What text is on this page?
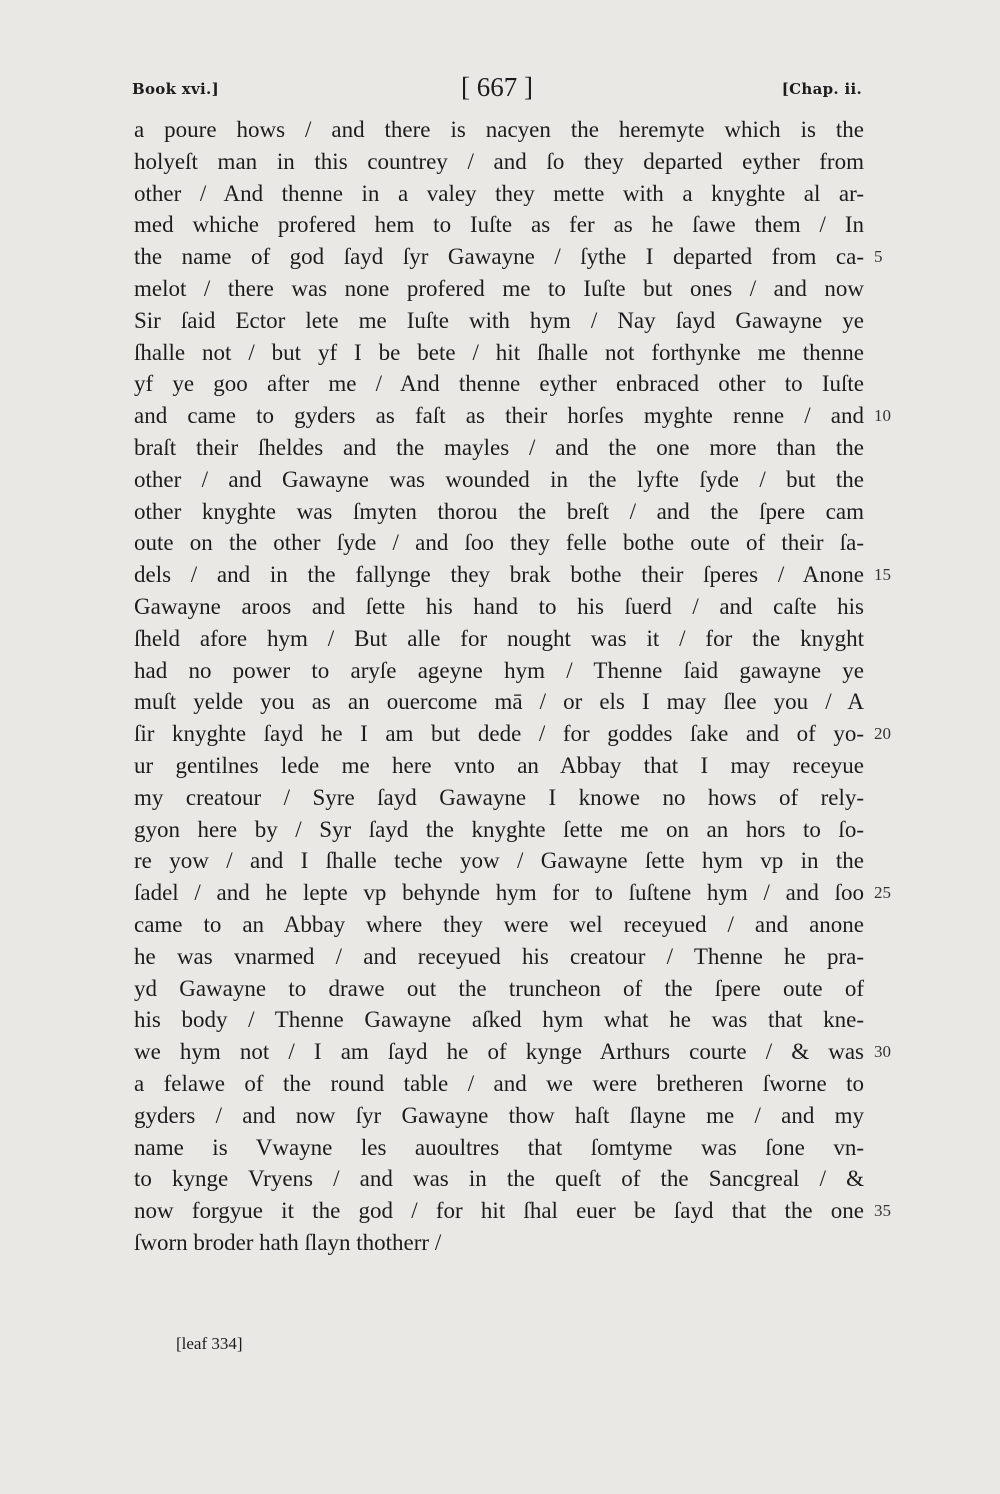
Book xvi.]	[ 667 ]	[Chap. ii.
a poure hows / and there is nacyen the heremyte which is the
holyeſt man in this countrey / and ſo they departed eyther from
other / And thenne in a valey they mette with a knyghte al ar-
med whiche profered hem to Iuſte as fer as he ſawe them / In
the name of god ſayd ſyr Gawayne / ſythe I departed from ca- 5
melot / there was none profered me to Iuſte but ones / and now
Sir ſaid Ector lete me Iuſte with hym / Nay ſayd Gawayne ye
ſhalle not / but yf I be bete / hit ſhalle not forthynke me thenne
yf ye goo after me / And thenne eyther enbraced other to Iuſte
and came to gyders as faſt as their horſes myghte renne / and 10
braſt their ſheldes and the mayles / and the one more than the
other / and Gawayne was wounded in the lyfte ſyde / but the
other knyghte was ſmyten thorou the breſt / and the ſpere cam
oute on the other ſyde / and ſoo they felle bothe oute of their ſa-
dels / and in the fallynge they brak bothe their ſperes / Anone 15
Gawayne aroos and ſette his hand to his ſuerd / and caſte his
ſheld afore hym / But alle for nought was it / for the knyght
had no power to aryſe ageyne hym / Thenne ſaid gawayne ye
muſt yelde you as an ouercome mā / or els I may ſlee you / A
ſir knyghte ſayd he I am but dede / for goddes ſake and of yo- 20
ur gentilnes lede me here vnto an Abbay that I may receyue
my creatour / Syre ſayd Gawayne I knowe no hows of rely-
gyon here by / Syr ſayd the knyghte ſette me on an hors to ſo-
re yow / and I ſhalle teche yow / Gawayne ſette hym vp in the
ſadel / and he lepte vp behynde hym for to ſuſtene hym / and ſoo 25
came to an Abbay where they were wel receyued / and anone
he was vnarmed / and receyued his creatour / Thenne he pra-
yd Gawayne to drawe out the truncheon of the ſpere oute of
his body / Thenne Gawayne aſked hym what he was that kne-
we hym not / I am ſayd he of kynge Arthurs courte / & was 30
a felawe of the round table / and we were bretheren ſworne to
gyders / and now ſyr Gawayne thow haſt ſlayne me / and my
name is Vwayne les auoultres that ſomtyme was ſone vn-
to kynge Vryens / and was in the queſt of the Sancgreal / &
now forgyue it the god / for hit ſhal euer be ſayd that the one 35
ſworn broder hath ſlayn thotherr /
[leaf 334]
